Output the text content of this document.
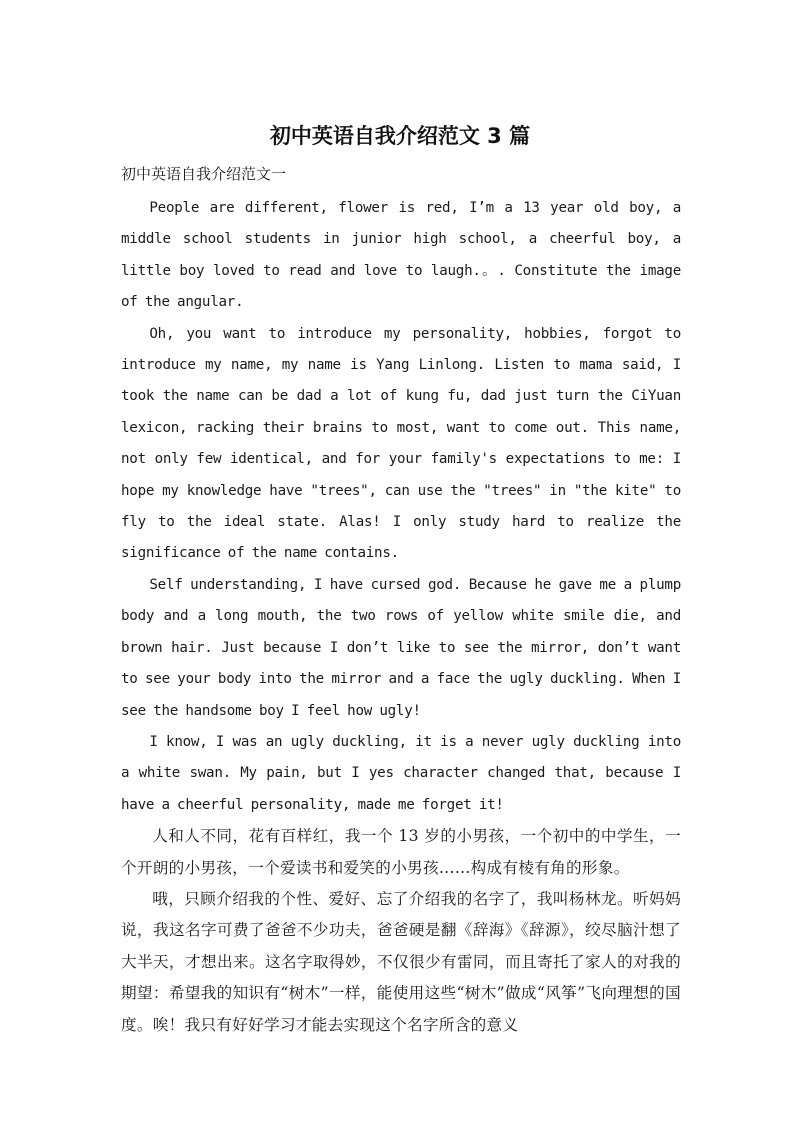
初中英语自我介绍范文 3 篇

初中英语自我介绍范文一

People are different, flower is red, I’m a 13 year old boy, a middle school students in junior high school, a cheerful boy, a little boy loved to read and love to laugh.。. Constitute the image of the angular.

Oh, you want to introduce my personality, hobbies, forgot to introduce my name, my name is Yang Linlong. Listen to mama said, I took the name can be dad a lot of kung fu, dad just turn the CiYuan lexicon, racking their brains to most, want to come out. This name, not only few identical, and for your family's expectations to me: I hope my knowledge have "trees", can use the "trees" in "the kite" to fly to the ideal state. Alas! I only study hard to realize the significance of the name contains.

Self understanding, I have cursed god. Because he gave me a plump body and a long mouth, the two rows of yellow white smile die, and brown hair. Just because I don’t like to see the mirror, don’t want to see your body into the mirror and a face the ugly duckling. When I see the handsome boy I feel how ugly!

I know, I was an ugly duckling, it is a never ugly duckling into a white swan. My pain, but I yes character changed that, because I have a cheerful personality, made me forget it!

人和人不同，花有百样红，我一个 13 岁的小男孩，一个初中的中学生，一个开朗的小男孩，一个爱读书和爱笑的小男孩……构成有棱有角的形象。

哦，只顾介绍我的个性、爱好、忘了介绍我的名字了，我叫杨林龙。听妈妈说，我这名字可费了爸爸不少功夫，爸爸硬是翻《辞海》《辞源》，绞尽脑汁想了大半天，才想出来。这名字取得妙，不仅很少有雷同，而且寄托了家人的对我的期望：希望我的知识有“树木”一样，能使用这些“树木”做成“风筝”飞向理想的国度。唉！我只有好好学习才能去实现这个名字所含的意义
